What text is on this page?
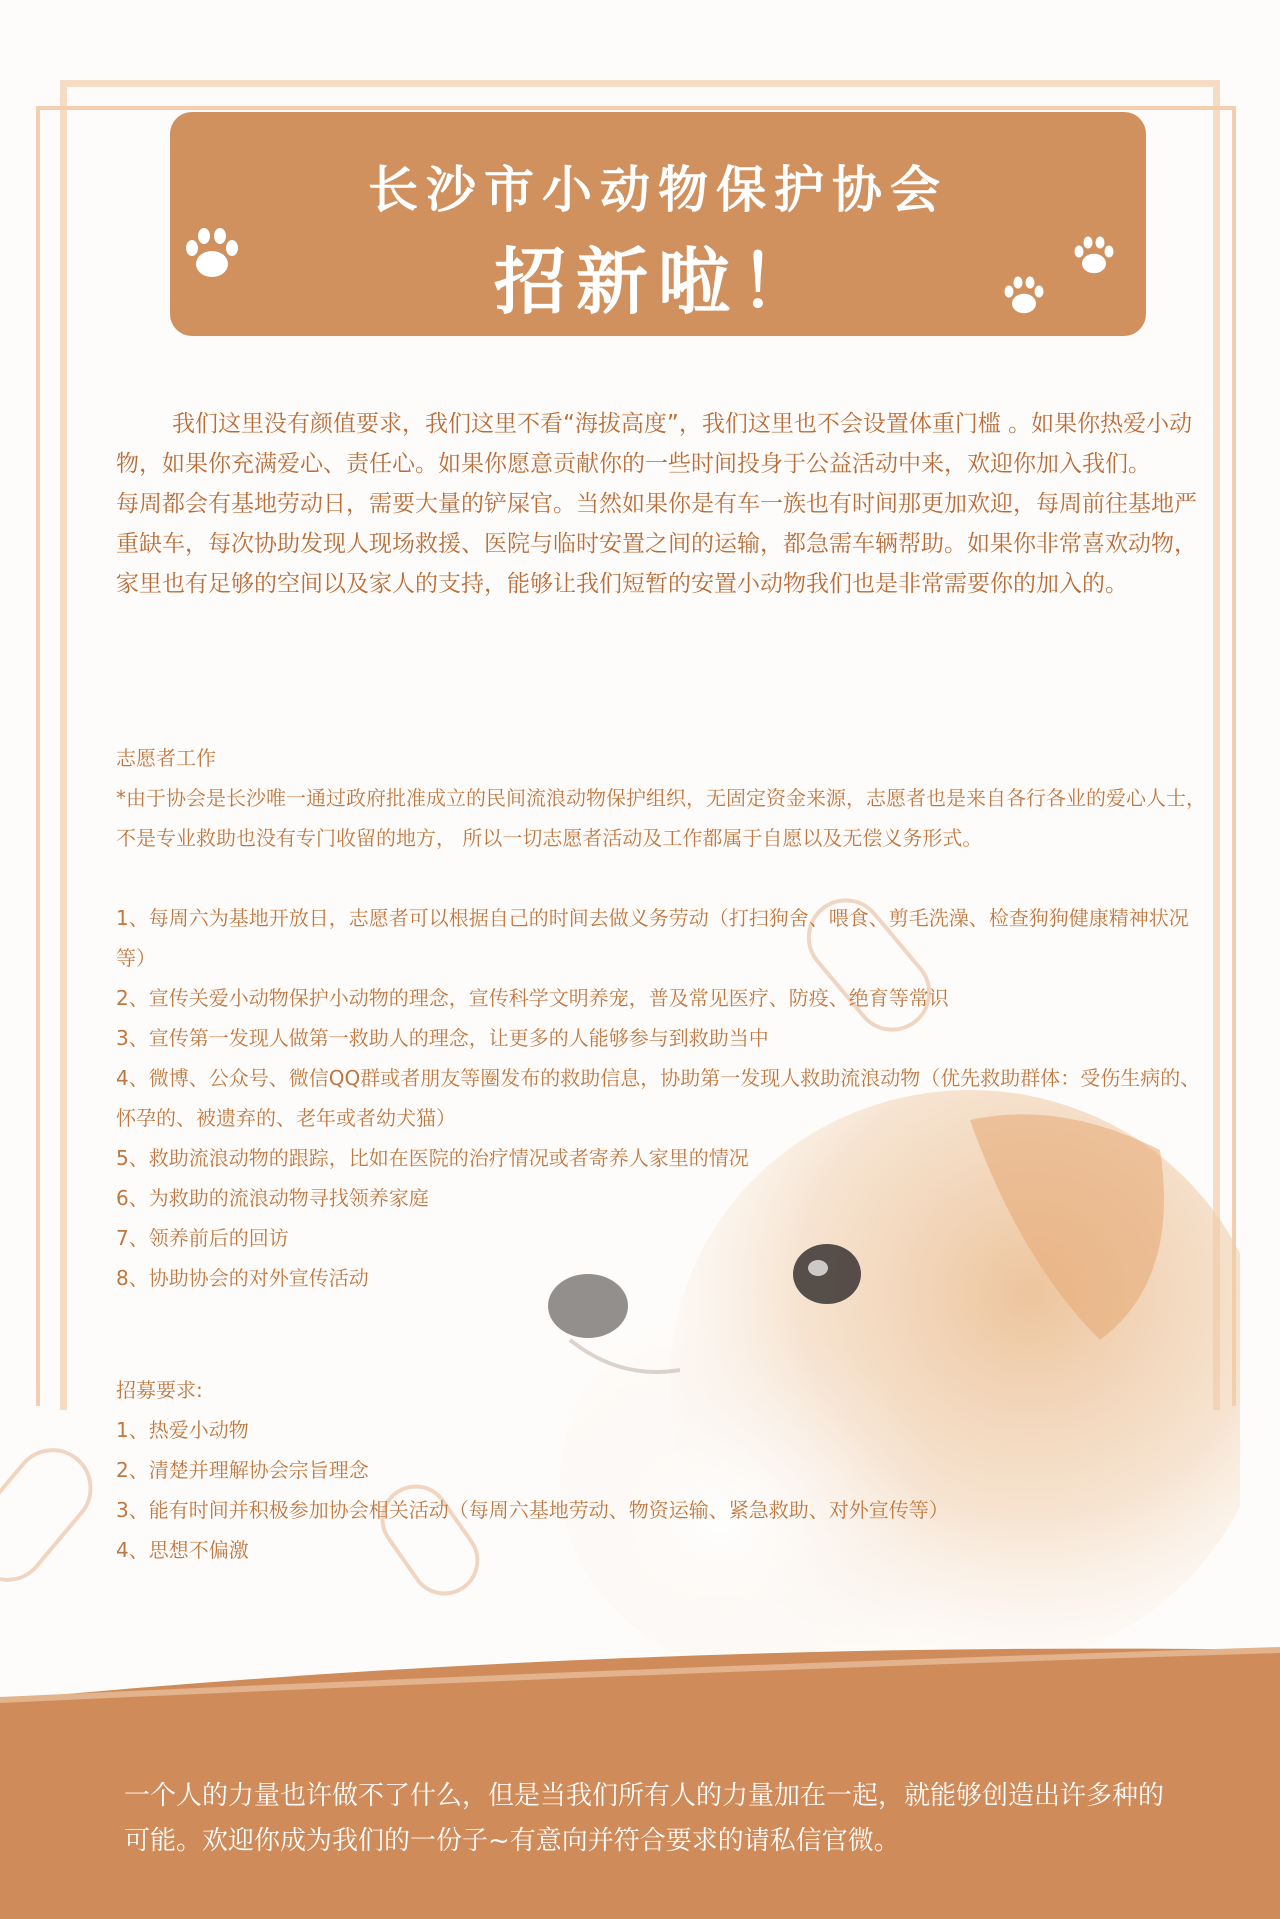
长沙市小动物保护协会
招新啦！

我们这里没有颜值要求，我们这里不看“海拔高度”，我们这里也不会设置体重门槛 。如果你热爱小动物，如果你充满爱心、责任心。如果你愿意贡献你的一些时间投身于公益活动中来，欢迎你加入我们。

每周都会有基地劳动日，需要大量的铲屎官。当然如果你是有车一族也有时间那更加欢迎，每周前往基地严重缺车，每次协助发现人现场救援、医院与临时安置之间的运输，都急需车辆帮助。如果你非常喜欢动物，家里也有足够的空间以及家人的支持，能够让我们短暂的安置小动物我们也是非常需要你的加入的。

志愿者工作

*由于协会是长沙唯一通过政府批准成立的民间流浪动物保护组织，无固定资金来源，志愿者也是来自各行各业的爱心人士，不是专业救助也没有专门收留的地方， 所以一切志愿者活动及工作都属于自愿以及无偿义务形式。

1、每周六为基地开放日，志愿者可以根据自己的时间去做义务劳动（打扫狗舍、喂食、剪毛洗澡、检查狗狗健康精神状况等）

2、宣传关爱小动物保护小动物的理念，宣传科学文明养宠，普及常见医疗、防疫、绝育等常识

3、宣传第一发现人做第一救助人的理念，让更多的人能够参与到救助当中

4、微博、公众号、微信QQ群或者朋友等圈发布的救助信息，协助第一发现人救助流浪动物（优先救助群体：受伤生病的、怀孕的、被遗弃的、老年或者幼犬猫）

5、救助流浪动物的跟踪，比如在医院的治疗情况或者寄养人家里的情况

6、为救助的流浪动物寻找领养家庭

7、领养前后的回访

8、协助协会的对外宣传活动

招募要求:

1、热爱小动物

2、清楚并理解协会宗旨理念

3、能有时间并积极参加协会相关活动（每周六基地劳动、物资运输、紧急救助、对外宣传等）

4、思想不偏激

一个人的力量也许做不了什么，但是当我们所有人的力量加在一起，就能够创造出许多种的可能。欢迎你成为我们的一份子~有意向并符合要求的请私信官微。
